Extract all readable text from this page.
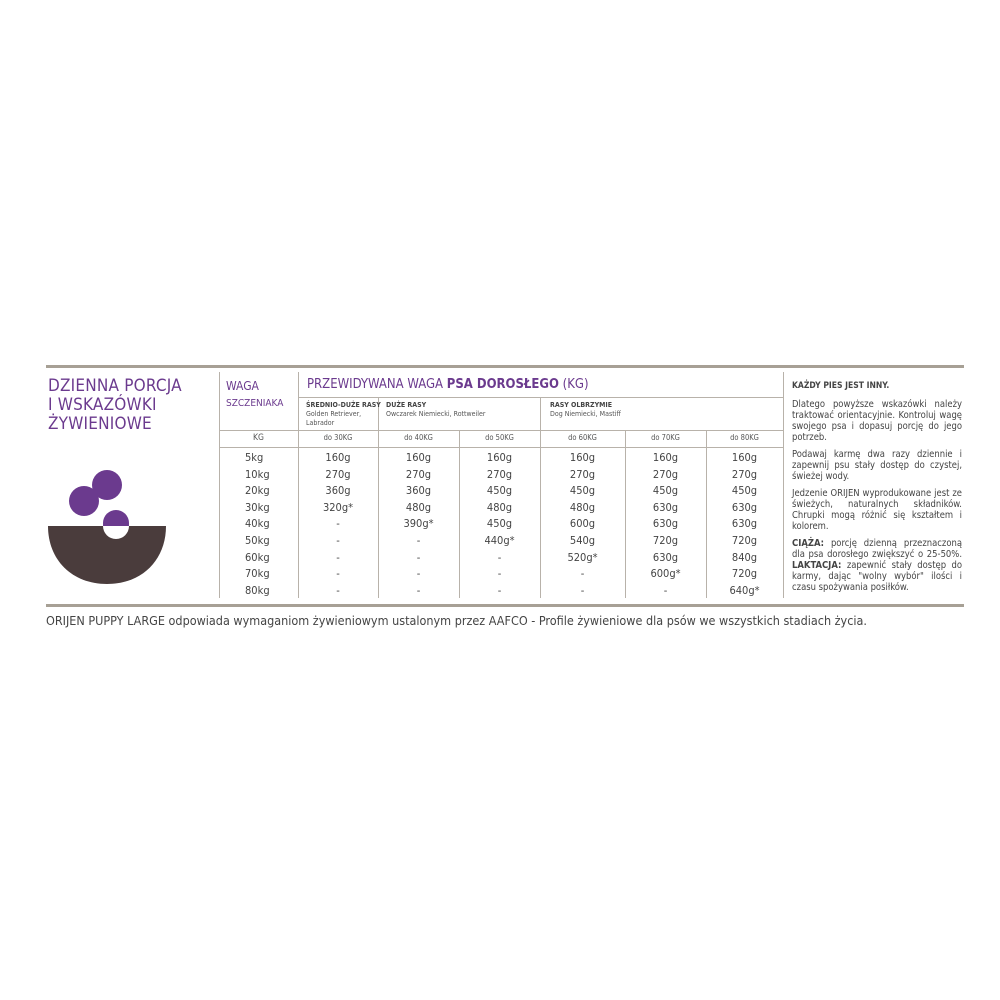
DZIENNA PORCJA
I WSKAZÓWKI
ŻYWIENIOWE
WAGA
SZCZENIAKA
PRZEWIDYWANA WAGA PSA DOROSŁEGO (KG)
ŚREDNIO-DUŻE RASY
Golden Retriever,
Labrador
DUŻE RASY
Owczarek Niemiecki, Rottweiler
RASY OLBRZYMIE
Dog Niemiecki, Mastiff
KG	do 30KG	do 40KG	do 50KG	do 60KG	do 70KG	do 80KG
5kg	160g	160g	160g	160g	160g	160g
10kg	270g	270g	270g	270g	270g	270g
20kg	360g	360g	450g	450g	450g	450g
30kg	320g*	480g	480g	480g	630g	630g
40kg	-	390g*	450g	600g	630g	630g
50kg	-	-	440g*	540g	720g	720g
60kg	-	-	-	520g*	630g	840g
70kg	-	-	-	-	600g*	720g
80kg	-	-	-	-	-	640g*

KAŻDY PIES JEST INNY.

Dlatego powyższe wskazówki należy traktować orientacyjnie. Kontroluj wagę swojego psa i dopasuj porcję do jego potrzeb.

Podawaj karmę dwa razy dziennie i zapewnij psu stały dostęp do czystej, świeżej wody.

Jedzenie ORIJEN wyprodukowane jest ze świeżych, naturalnych składników. Chrupki mogą różnić się kształtem i kolorem.

CIĄŻA: porcję dzienną przeznaczoną dla psa dorosłego zwiększyć o 25-50%. LAKTACJA: zapewnić stały dostęp do karmy, dając "wolny wybór" ilości i czasu spożywania posiłków.

ORIJEN PUPPY LARGE odpowiada wymaganiom żywieniowym ustalonym przez AAFCO - Profile żywieniowe dla psów we wszystkich stadiach życia.
